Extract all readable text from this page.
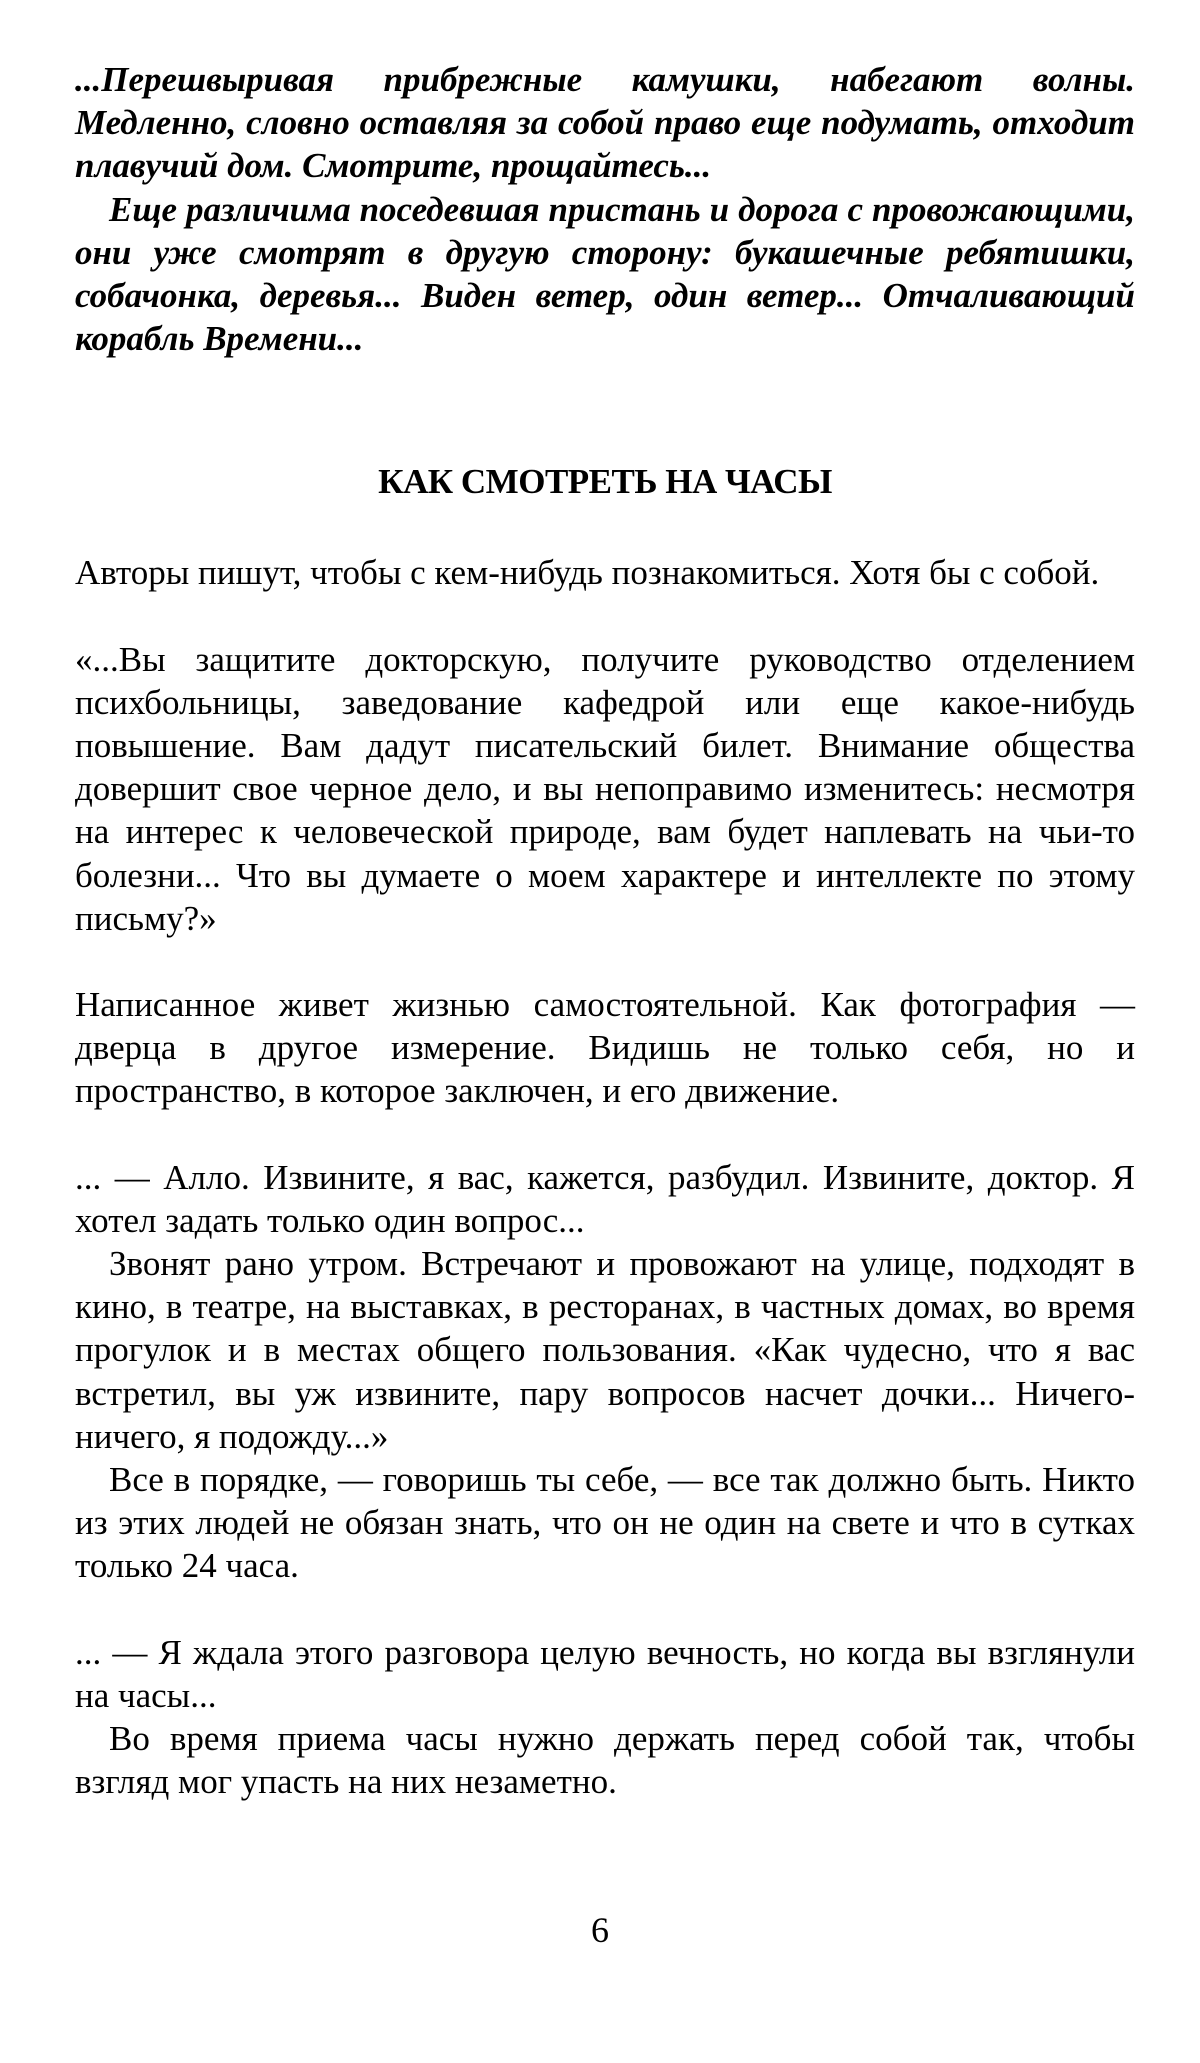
...Перешвыривая прибрежные камушки, набегают волны. Медленно, словно оставляя за собой право еще подумать, отходит плавучий дом. Смотрите, прощайтесь...

Еще различима поседевшая пристань и дорога с провожающими, они уже смотрят в другую сторону: букашечные ребятишки, собачонка, деревья... Виден ветер, один ветер... Отчаливающий корабль Времени...

КАК СМОТРЕТЬ НА ЧАСЫ

Авторы пишут, чтобы с кем-нибудь познакомиться. Хотя бы с собой.

«...Вы защитите докторскую, получите руководство отделением психбольницы, заведование кафедрой или еще какое-нибудь повышение. Вам дадут писательский билет. Внимание общества довершит свое черное дело, и вы непоправимо изменитесь: несмотря на интерес к человеческой природе, вам будет наплевать на чьи-то болезни... Что вы думаете о моем характере и интеллекте по этому письму?»

Написанное живет жизнью самостоятельной. Как фотография — дверца в другое измерение. Видишь не только себя, но и пространство, в которое заключен, и его движение.

... — Алло. Извините, я вас, кажется, разбудил. Извините, доктор. Я хотел задать только один вопрос...

Звонят рано утром. Встречают и провожают на улице, подходят в кино, в театре, на выставках, в ресторанах, в частных домах, во время прогулок и в местах общего пользования. «Как чудесно, что я вас встретил, вы уж извините, пару вопросов насчет дочки... Ничего-ничего, я подожду...»

Все в порядке, — говоришь ты себе, — все так должно быть. Никто из этих людей не обязан знать, что он не один на свете и что в сутках только 24 часа.

... — Я ждала этого разговора целую вечность, но когда вы взглянули на часы...

Во время приема часы нужно держать перед собой так, чтобы взгляд мог упасть на них незаметно.

6
